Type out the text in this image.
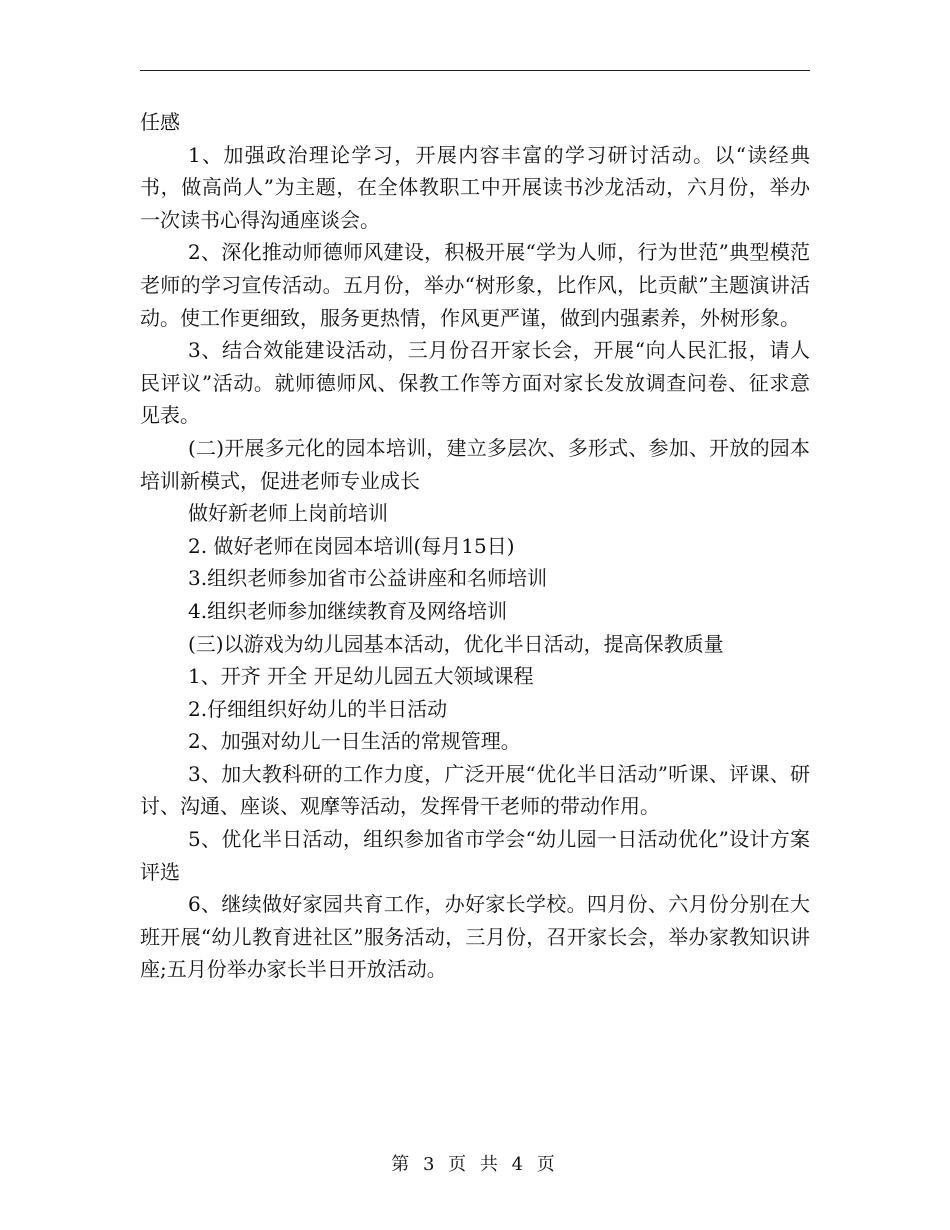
任感

1、加强政治理论学习，开展内容丰富的学习研讨活动。以“读经典书，做高尚人”为主题，在全体教职工中开展读书沙龙活动，六月份，举办一次读书心得沟通座谈会。

2、深化推动师德师风建设，积极开展“学为人师，行为世范”典型模范老师的学习宣传活动。五月份，举办“树形象，比作风，比贡献”主题演讲活动。使工作更细致，服务更热情，作风更严谨，做到内强素养，外树形象。

3、结合效能建设活动，三月份召开家长会，开展“向人民汇报，请人民评议”活动。就师德师风、保教工作等方面对家长发放调查问卷、征求意见表。

(二)开展多元化的园本培训，建立多层次、多形式、参加、开放的园本培训新模式，促进老师专业成长

做好新老师上岗前培训

2. 做好老师在岗园本培训(每月15日)

3.组织老师参加省市公益讲座和名师培训

4.组织老师参加继续教育及网络培训

(三)以游戏为幼儿园基本活动，优化半日活动，提高保教质量

1、开齐 开全 开足幼儿园五大领域课程

2.仔细组织好幼儿的半日活动

2、加强对幼儿一日生活的常规管理。

3、加大教科研的工作力度，广泛开展“优化半日活动”听课、评课、研讨、沟通、座谈、观摩等活动，发挥骨干老师的带动作用。

5、优化半日活动，组织参加省市学会“幼儿园一日活动优化”设计方案评选

6、继续做好家园共育工作，办好家长学校。四月份、六月份分别在大班开展“幼儿教育进社区”服务活动，三月份，召开家长会，举办家教知识讲座;五月份举办家长半日开放活动。

第 3 页 共 4 页
